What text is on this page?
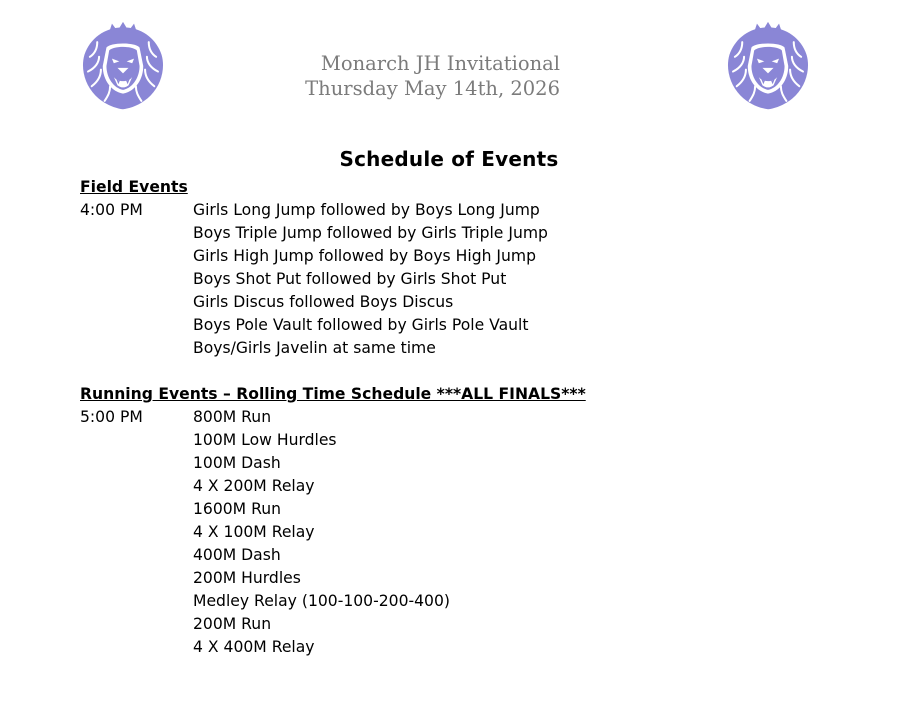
Monarch JH Invitational
Thursday May 14th, 2026
Schedule of Events
Field Events
4:00 PM	Girls Long Jump followed by Boys Long Jump
Boys Triple Jump followed by Girls Triple Jump
Girls High Jump followed by Boys High Jump
Boys Shot Put followed by Girls Shot Put
Girls Discus followed Boys Discus
Boys Pole Vault followed by Girls Pole Vault
Boys/Girls Javelin at same time
Running Events – Rolling Time Schedule ***ALL FINALS***
5:00 PM	800M Run
100M Low Hurdles
100M Dash
4 X 200M Relay
1600M Run
4 X 100M Relay
400M Dash
200M Hurdles
Medley Relay (100-100-200-400)
200M Run
4 X 400M Relay
